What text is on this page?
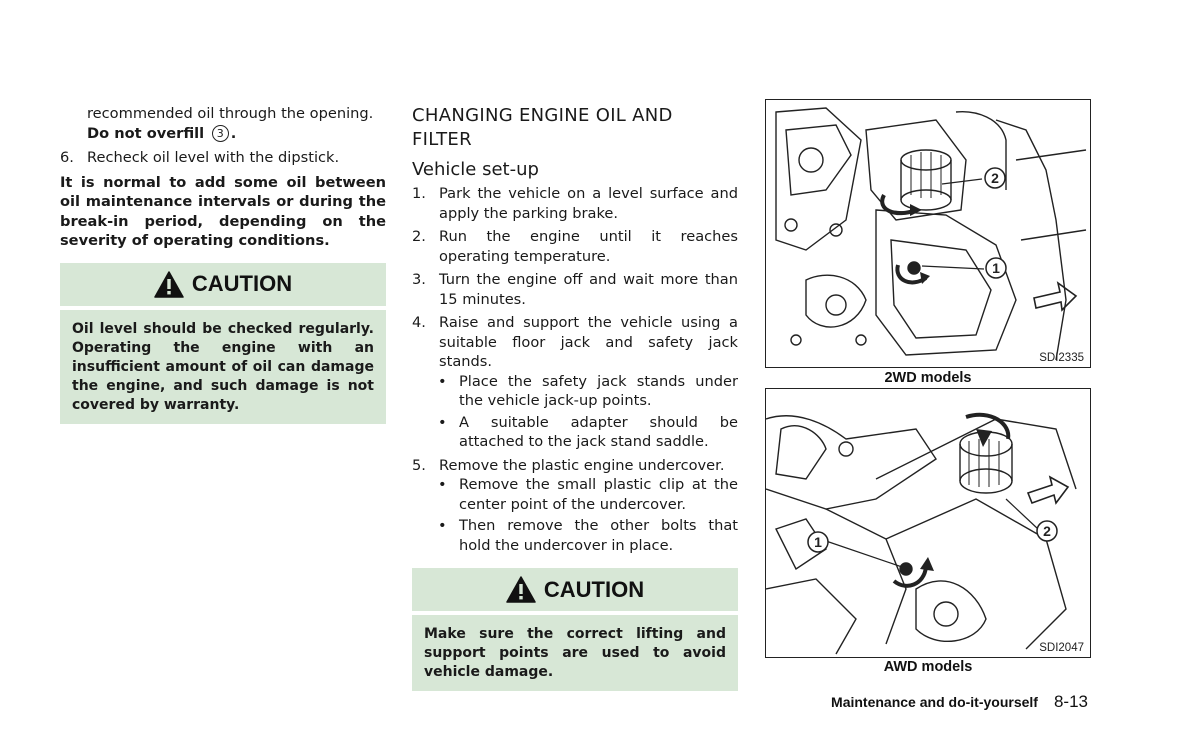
recommended oil through the opening.
Do not overfill 3 .

6. Recheck oil level with the dipstick.

It is normal to add some oil between oil maintenance intervals or during the break-in period, depending on the severity of operating conditions.

CAUTION
Oil level should be checked regularly. Operating the engine with an insufficient amount of oil can damage the engine, and such damage is not covered by warranty.
CHANGING ENGINE OIL AND FILTER
Vehicle set-up
1. Park the vehicle on a level surface and apply the parking brake.
2. Run the engine until it reaches operating temperature.
3. Turn the engine off and wait more than 15 minutes.
4. Raise and support the vehicle using a suitable floor jack and safety jack stands.
• Place the safety jack stands under the vehicle jack-up points.
• A suitable adapter should be attached to the jack stand saddle.
5. Remove the plastic engine undercover.
• Remove the small plastic clip at the center point of the undercover.
• Then remove the other bolts that hold the undercover in place.
CAUTION
Make sure the correct lifting and support points are used to avoid vehicle damage.
2
1
SDI2335
2WD models
1
2
SDI2047
AWD models
Maintenance and do-it-yourself 8-13
